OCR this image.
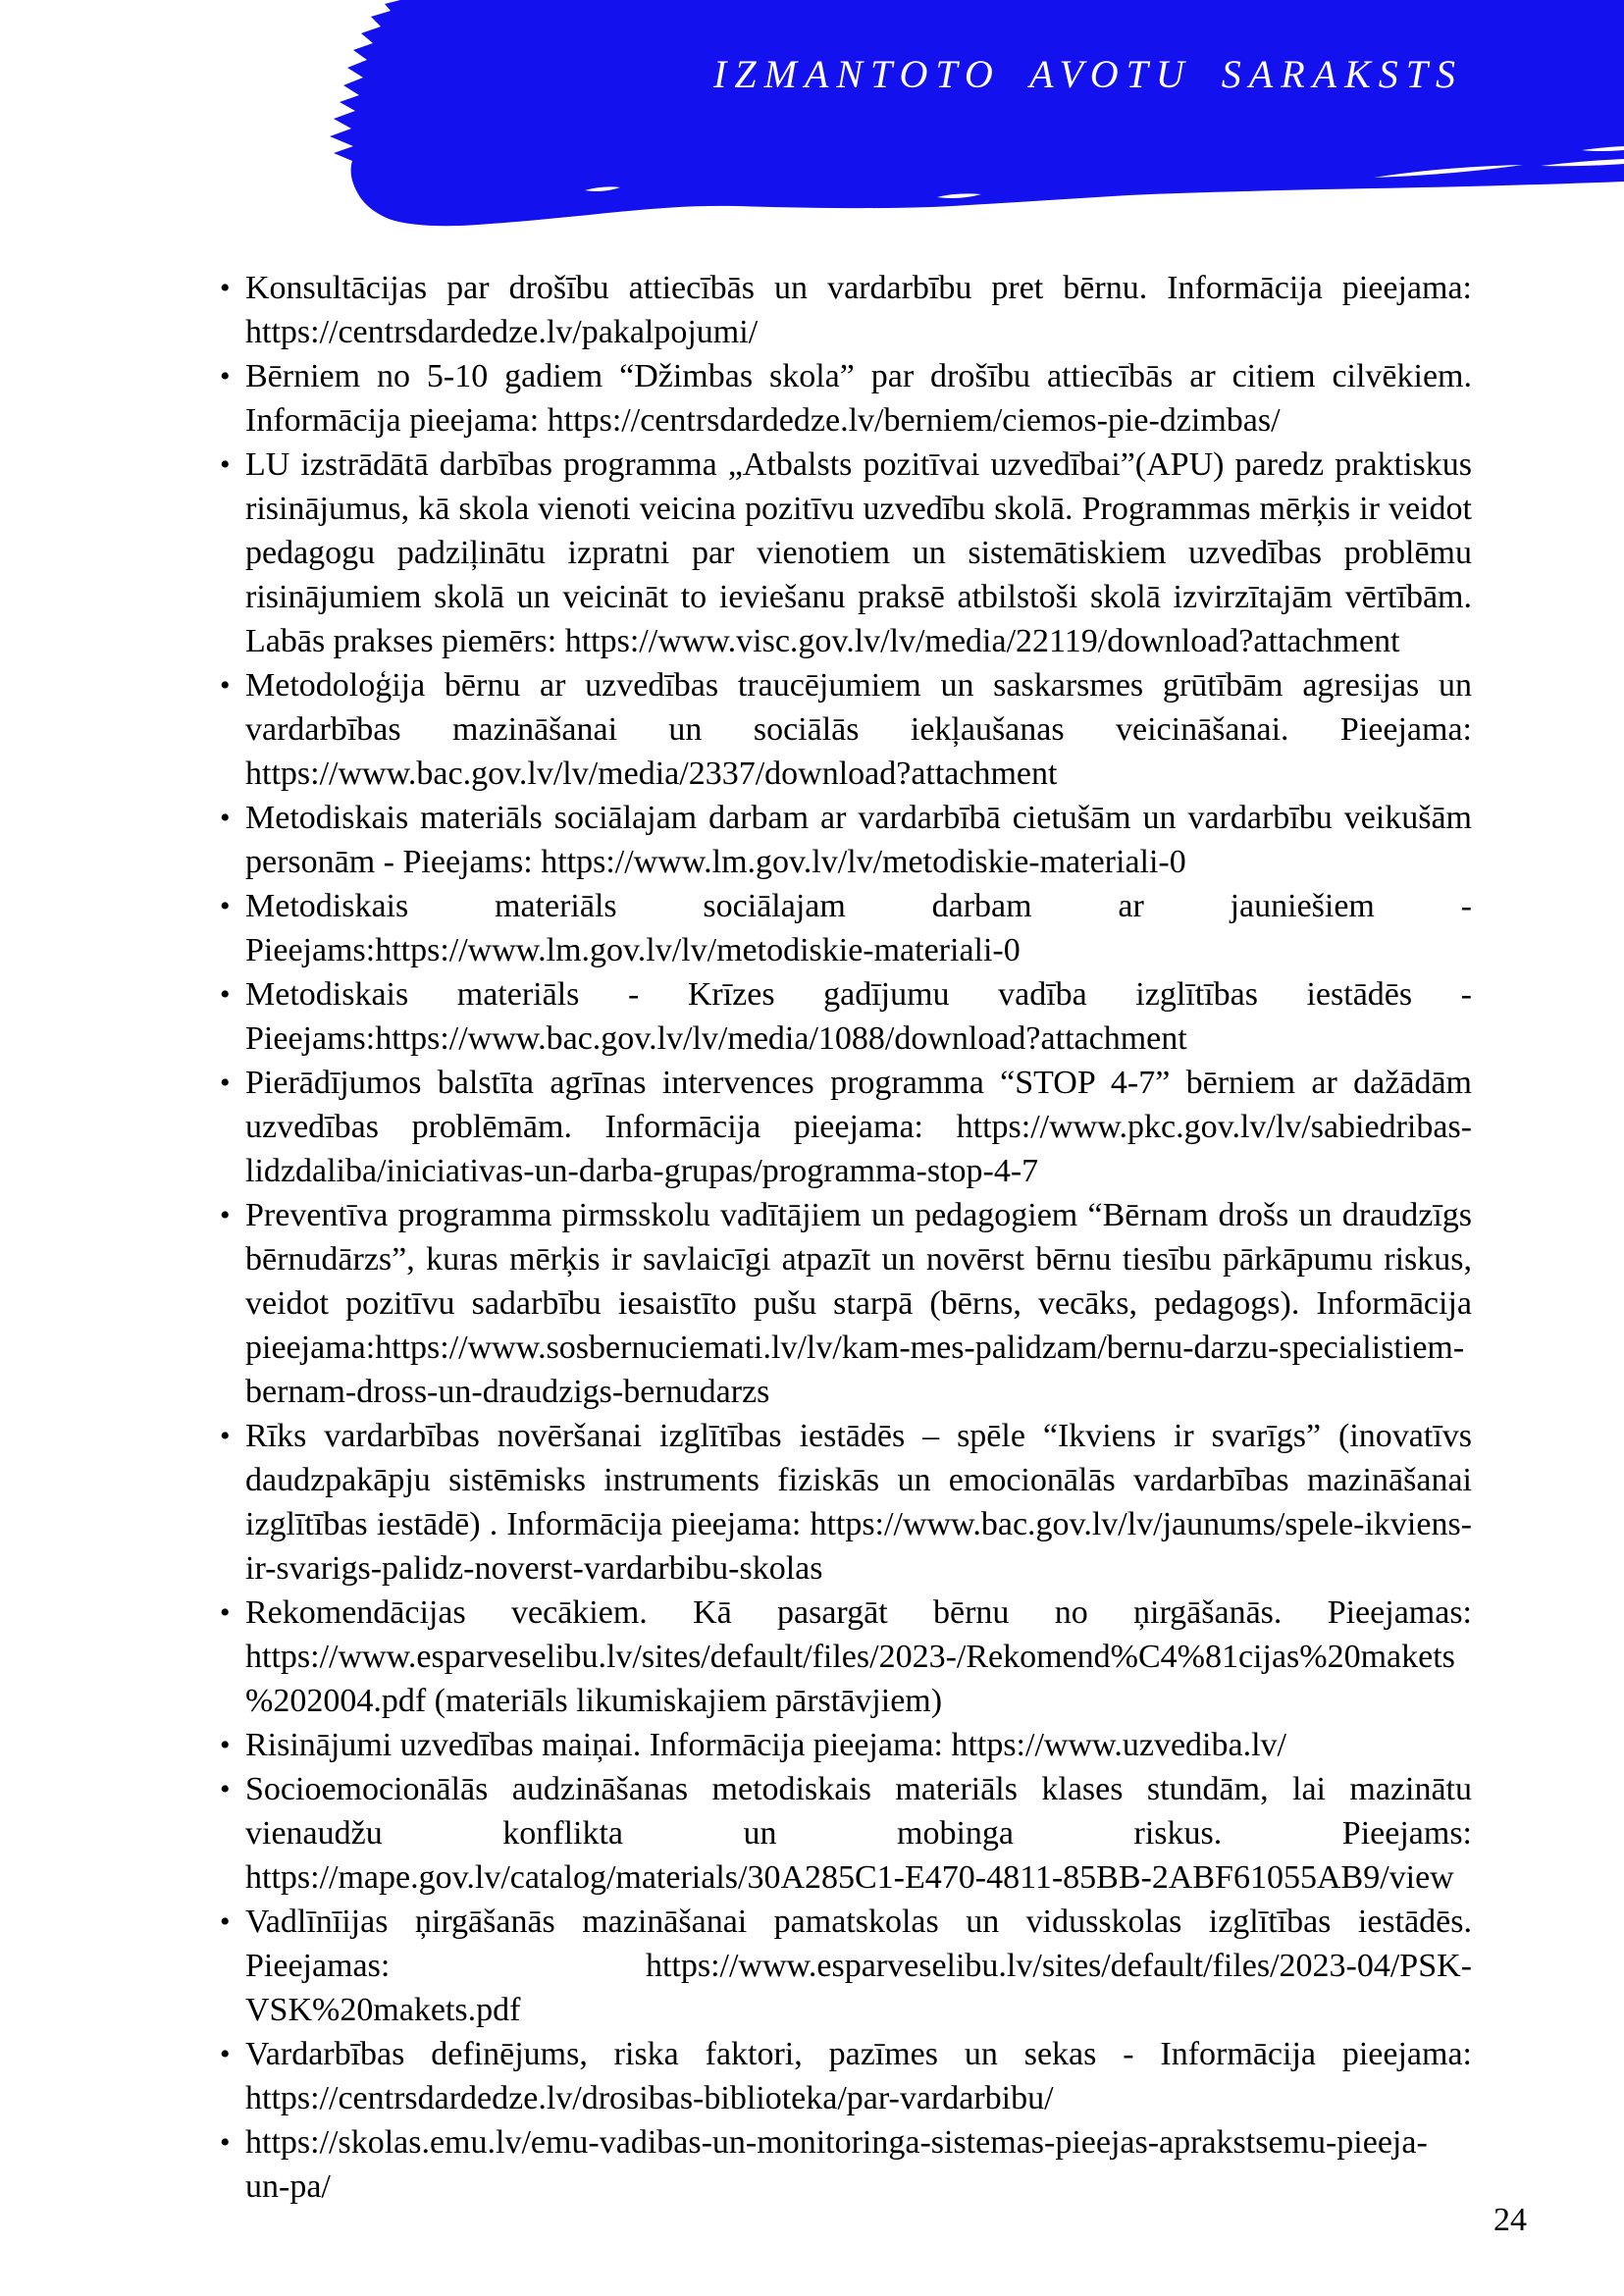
IZMANTOTO AVOTU SARAKSTS
• Konsultācijas par drošību attiecībās un vardarbību pret bērnu. Informācija pieejama: https://centrsdardedze.lv/pakalpojumi/
• Bērniem no 5-10 gadiem “Džimbas skola” par drošību attiecībās ar citiem cilvēkiem. Informācija pieejama: https://centrsdardedze.lv/berniem/ciemos-pie-dzimbas/
• LU izstrādātā darbības programma „Atbalsts pozitīvai uzvedībai”(APU) paredz praktiskus risinājumus, kā skola vienoti veicina pozitīvu uzvedību skolā. Programmas mērķis ir veidot pedagogu padziļinātu izpratni par vienotiem un sistemātiskiem uzvedības problēmu risinājumiem skolā un veicināt to ieviešanu praksē atbilstoši skolā izvirzītajām vērtībām. Labās prakses piemērs: https://www.visc.gov.lv/lv/media/22119/download?attachment
• Metodoloģija bērnu ar uzvedības traucējumiem un saskarsmes grūtībām agresijas un vardarbības mazināšanai un sociālās iekļaušanas veicināšanai. Pieejama: https://www.bac.gov.lv/lv/media/2337/download?attachment
• Metodiskais materiāls sociālajam darbam ar vardarbībā cietušām un vardarbību veikušām personām - Pieejams: https://www.lm.gov.lv/lv/metodiskie-materiali-0
• Metodiskais materiāls sociālajam darbam ar jauniešiem - Pieejams:https://www.lm.gov.lv/lv/metodiskie-materiali-0
• Metodiskais materiāls - Krīzes gadījumu vadība izglītības iestādēs - Pieejams:https://www.bac.gov.lv/lv/media/1088/download?attachment
• Pierādījumos balstīta agrīnas intervences programma “STOP 4-7” bērniem ar dažādām uzvedības problēmām. Informācija pieejama: https://www.pkc.gov.lv/lv/sabiedribas-lidzdaliba/iniciativas-un-darba-grupas/programma-stop-4-7
• Preventīva programma pirmsskolu vadītājiem un pedagogiem “Bērnam drošs un draudzīgs bērnudārzs”, kuras mērķis ir savlaicīgi atpazīt un novērst bērnu tiesību pārkāpumu riskus, veidot pozitīvu sadarbību iesaistīto pušu starpā (bērns, vecāks, pedagogs). Informācija pieejama:https://www.sosbernuciemati.lv/lv/kam-mes-palidzam/bernu-darzu-specialistiem-bernam-dross-un-draudzigs-bernudarzs
• Rīks vardarbības novēršanai izglītības iestādēs – spēle “Ikviens ir svarīgs” (inovatīvs daudzpakāpju sistēmisks instruments fiziskās un emocionālās vardarbības mazināšanai izglītības iestādē) . Informācija pieejama: https://www.bac.gov.lv/lv/jaunums/spele-ikviens-ir-svarigs-palidz-noverst-vardarbibu-skolas
• Rekomendācijas vecākiem. Kā pasargāt bērnu no ņirgāšanās. Pieejamas: https://www.esparveselibu.lv/sites/default/files/2023-/Rekomend%C4%81cijas%20makets%202004.pdf (materiāls likumiskajiem pārstāvjiem)
• Risinājumi uzvedības maiņai. Informācija pieejama: https://www.uzvediba.lv/
• Socioemocionālās audzināšanas metodiskais materiāls klases stundām, lai mazinātu vienaudžu konflikta un mobinga riskus. Pieejams: https://mape.gov.lv/catalog/materials/30A285C1-E470-4811-85BB-2ABF61055AB9/view
• Vadlīnīijas ņirgāšanās mazināšanai pamatskolas un vidusskolas izglītības iestādēs. Pieejamas: https://www.esparveselibu.lv/sites/default/files/2023-04/PSK-VSK%20makets.pdf
• Vardarbības definējums, riska faktori, pazīmes un sekas - Informācija pieejama: https://centrsdardedze.lv/drosibas-biblioteka/par-vardarbibu/
• https://skolas.emu.lv/emu-vadibas-un-monitoringa-sistemas-pieejas-aprakstsemu-pieeja-un-pa/
24
